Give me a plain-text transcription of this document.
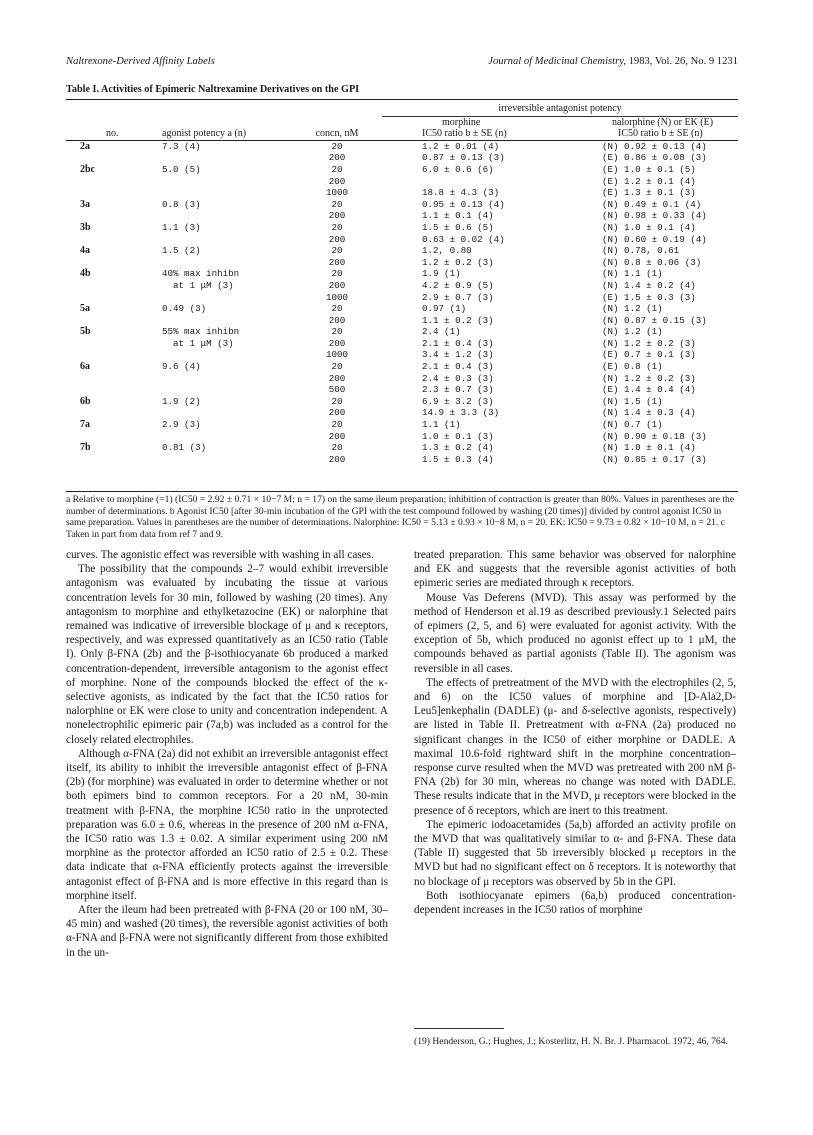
Naltrexone-Derived Affinity Labels	Journal of Medicinal Chemistry, 1983, Vol. 26, No. 9 1231
Table I. Activities of Epimeric Naltrexamine Derivatives on the GPI
			irreversible antagonist potency	
			morphine	nalorphine (N) or EK (E)
no.	agonist potency a (n)	concn, nM	IC50 ratio b ± SE (n)	IC50 ratio b ± SE (n)
2a	7.3 (4)	20	1.2 ± 0.01 (4)	(N) 0.92 ± 0.13 (4)
		200	0.87 ± 0.13 (3)	(E) 0.86 ± 0.08 (3)
2bc	5.0 (5)	20	6.0 ± 0.6 (6)	(E) 1.0 ± 0.1 (5)
		200		(E) 1.2 ± 0.1 (4)
		1000	18.8 ± 4.3 (3)	(E) 1.3 ± 0.1 (3)
3a	0.8 (3)	20	0.95 ± 0.13 (4)	(N) 0.49 ± 0.1 (4)
		200	1.1 ± 0.1 (4)	(N) 0.98 ± 0.33 (4)
3b	1.1 (3)	20	1.5 ± 0.6 (5)	(N) 1.0 ± 0.1 (4)
		200	0.63 ± 0.02 (4)	(N) 0.60 ± 0.19 (4)
4a	1.5 (2)	20	1.2, 0.80	(N) 0.78, 0.61
		200	1.2 ± 0.2 (3)	(N) 0.8 ± 0.06 (3)
4b	40% max inhibn	20	1.9 (1)	(N) 1.1 (1)
	at 1 μM (3)	200	4.2 ± 0.9 (5)	(N) 1.4 ± 0.2 (4)
		1000	2.9 ± 0.7 (3)	(E) 1.5 ± 0.3 (3)
5a	0.49 (3)	20	0.97 (1)	(N) 1.2 (1)
		200	1.1 ± 0.2 (3)	(N) 0.87 ± 0.15 (3)
5b	55% max inhibn	20	2.4 (1)	(N) 1.2 (1)
	at 1 μM (3)	200	2.1 ± 0.4 (3)	(N) 1.2 ± 0.2 (3)
		1000	3.4 ± 1.2 (3)	(E) 0.7 ± 0.1 (3)
6a	9.6 (4)	20	2.1 ± 0.4 (3)	(E) 0.8 (1)
		200	2.4 ± 0.3 (3)	(N) 1.2 ± 0.2 (3)
		500	2.3 ± 0.7 (3)	(E) 1.4 ± 0.4 (4)
6b	1.9 (2)	20	6.9 ± 3.2 (3)	(N) 1.5 (1)
		200	14.9 ± 3.3 (3)	(N) 1.4 ± 0.3 (4)
7a	2.9 (3)	20	1.1 (1)	(N) 0.7 (1)
		200	1.0 ± 0.1 (3)	(N) 0.90 ± 0.18 (3)
7b	0.81 (3)	20	1.3 ± 0.2 (4)	(N) 1.0 ± 0.1 (4)
		200	1.5 ± 0.3 (4)	(N) 0.85 ± 0.17 (3)
a Relative to morphine (=1) (IC50 = 2.92 ± 0.71 × 10−7 M; n = 17) on the same ileum preparation; inhibition of contraction is greater than 80%. Values in parentheses are the number of determinations. b Agonist IC50 [after 30-min incubation of the GPI with the test compound followed by washing (20 times)] divided by control agonist IC50 in same preparation. Values in parentheses are the number of determinations. Nalorphine: IC50 = 5.13 ± 0.93 × 10−8 M, n = 20. EK: IC50 = 9.73 ± 0.82 × 10−10 M, n = 21. c Taken in part from data from ref 7 and 9.

curves. The agonistic effect was reversible with washing in all cases.

The possibility that the compounds 2–7 would exhibit irreversible antagonism was evaluated by incubating the tissue at various concentration levels for 30 min, followed by washing (20 times). Any antagonism to morphine and ethylketazocine (EK) or nalorphine that remained was indicative of irreversible blockage of μ and κ receptors, respectively, and was expressed quantitatively as an IC50 ratio (Table I). Only β-FNA (2b) and the β-isothiocyanate 6b produced a marked concentration-dependent, irreversible antagonism to the agonist effect of morphine. None of the compounds blocked the effect of the κ-selective agonists, as indicated by the fact that the IC50 ratios for nalorphine or EK were close to unity and concentration independent. A nonelectrophilic epimeric pair (7a,b) was included as a control for the closely related electrophiles.

Although α-FNA (2a) did not exhibit an irreversible antagonist effect itself, its ability to inhibit the irreversible antagonist effect of β-FNA (2b) (for morphine) was evaluated in order to determine whether or not both epimers bind to common receptors. For a 20 nM, 30-min treatment with β-FNA, the morphine IC50 ratio in the unprotected preparation was 6.0 ± 0.6, whereas in the presence of 200 nM α-FNA, the IC50 ratio was 1.3 ± 0.02. A similar experiment using 200 nM morphine as the protector afforded an IC50 ratio of 2.5 ± 0.2. These data indicate that α-FNA efficiently protects against the irreversible antagonist effect of β-FNA and is more effective in this regard than is morphine itself.

After the ileum had been pretreated with β-FNA (20 or 100 nM, 30–45 min) and washed (20 times), the reversible agonist activities of both α-FNA and β-FNA were not significantly different from those exhibited in the un-

treated preparation. This same behavior was observed for nalorphine and EK and suggests that the reversible agonist activities of both epimeric series are mediated through κ receptors.

Mouse Vas Deferens (MVD). This assay was performed by the method of Henderson et al.19 as described previously.1 Selected pairs of epimers (2, 5, and 6) were evaluated for agonist activity. With the exception of 5b, which produced no agonist effect up to 1 μM, the compounds behaved as partial agonists (Table II). The agonism was reversible in all cases.

The effects of pretreatment of the MVD with the electrophiles (2, 5, and 6) on the IC50 values of morphine and [D-Ala2,D-Leu5]enkephalin (DADLE) (μ- and δ-selective agonists, respectively) are listed in Table II. Pretreatment with α-FNA (2a) produced no significant changes in the IC50 of either morphine or DADLE. A maximal 10.6-fold rightward shift in the morphine concentration–response curve resulted when the MVD was pretreated with 200 nM β-FNA (2b) for 30 min, whereas no change was noted with DADLE. These results indicate that in the MVD, μ receptors were blocked in the presence of δ receptors, which are inert to this treatment.

The epimeric iodoacetamides (5a,b) afforded an activity profile on the MVD that was qualitatively similar to α- and β-FNA. These data (Table II) suggested that 5b irreversibly blocked μ receptors in the MVD but had no significant effect on δ receptors. It is noteworthy that no blockage of μ receptors was observed by 5b in the GPI.

Both isothiocyanate epimers (6a,b) produced concentration-dependent increases in the IC50 ratios of morphine

(19) Henderson, G.; Hughes, J.; Kosterlitz, H. N. Br. J. Pharmacol. 1972, 46, 764.
